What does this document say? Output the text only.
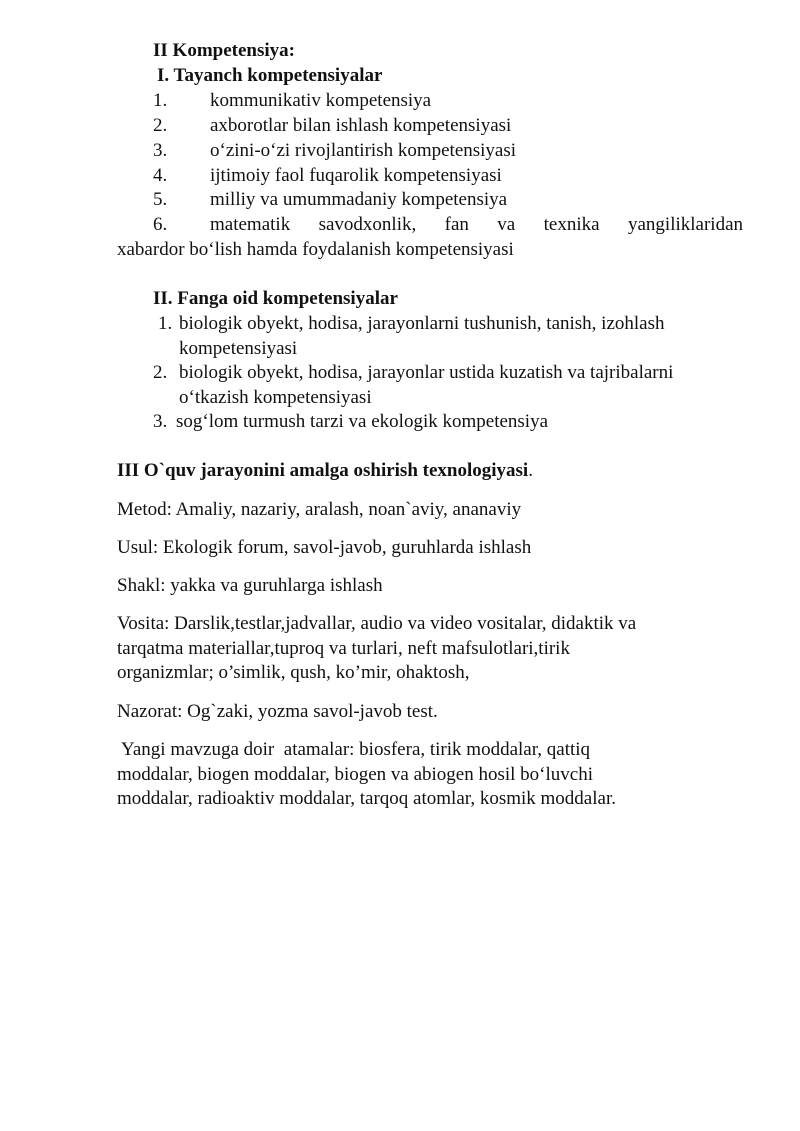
II Kompetensiya:
I. Tayanch kompetensiyalar
1. kommunikativ kompetensiya
2. axborotlar bilan ishlash kompetensiyasi
3. o‘zini-o‘zi rivojlantirish kompetensiyasi
4. ijtimoiy faol fuqarolik kompetensiyasi
5. milliy va umummadaniy kompetensiya
6. matematik savodxonlik, fan va texnika yangiliklaridan
xabardor bo‘lish hamda foydalanish kompetensiyasi
II. Fanga oid kompetensiyalar
1. biologik obyekt, hodisa, jarayonlarni tushunish, tanish, izohlash
kompetensiyasi
2. biologik obyekt, hodisa, jarayonlar ustida kuzatish va tajribalarni
o‘tkazish kompetensiyasi
3. sog‘lom turmush tarzi va ekologik kompetensiya
III O`quv jarayonini amalga oshirish texnologiyasi.
Metod: Amaliy, nazariy, aralash, noan`aviy, ananaviy
Usul: Ekologik forum, savol-javob, guruhlarda ishlash
Shakl: yakka va guruhlarga ishlash
Vosita: Darslik,testlar,jadvallar, audio va video vositalar, didaktik va
tarqatma materiallar,tuproq va turlari, neft mafsulotlari,tirik
organizmlar; o’simlik, qush, ko’mir, ohaktosh,
Nazorat: Og`zaki, yozma savol-javob test.
Yangi mavzuga doir  atamalar: biosfera, tirik moddalar, qattiq
moddalar, biogen moddalar, biogen va abiogen hosil bo‘luvchi
moddalar, radioaktiv moddalar, tarqoq atomlar, kosmik moddalar.
